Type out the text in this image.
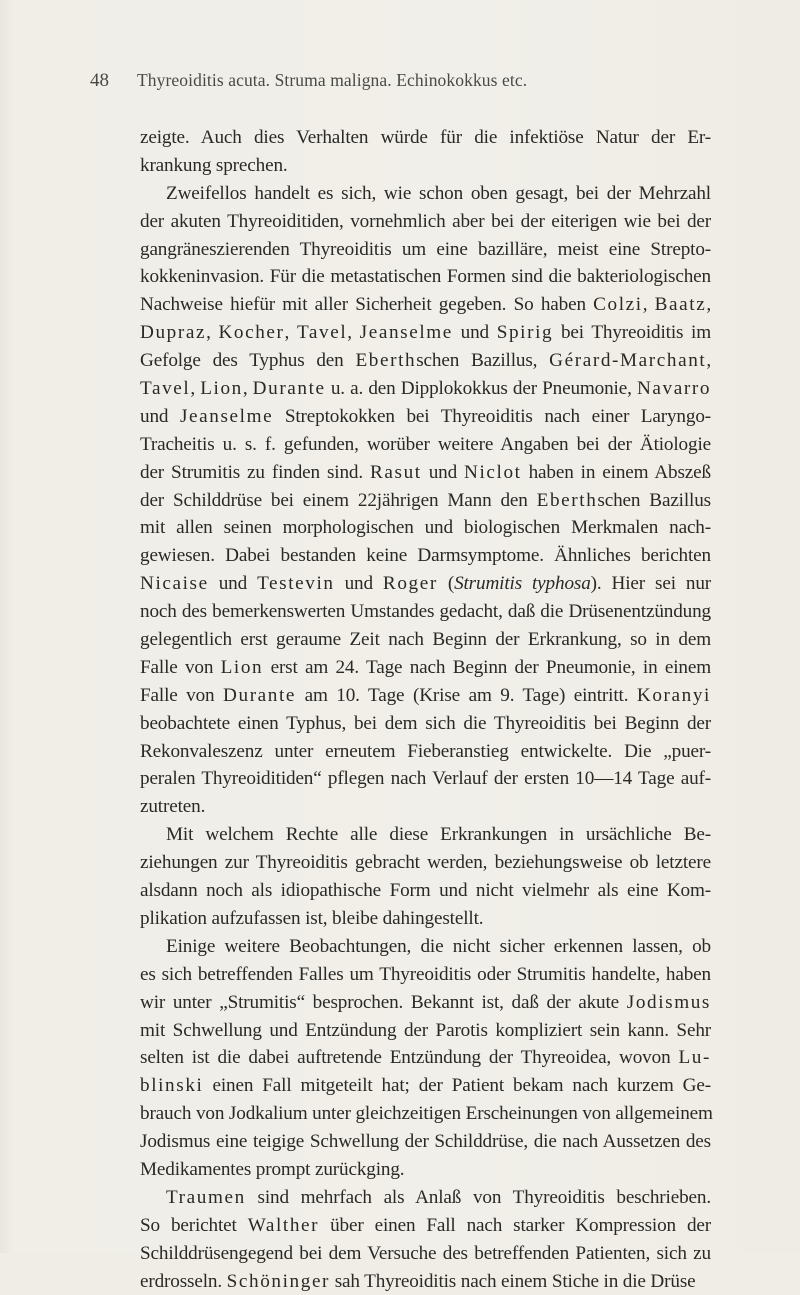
48 Thyreoiditis acuta. Struma maligna. Echinokokkus etc.
zeigte. Auch dies Verhalten würde für die infektiöse Natur der Er-
krankung sprechen.
Zweifellos handelt es sich, wie schon oben gesagt, bei der Mehrzahl
der akuten Thyreoiditiden, vornehmlich aber bei der eiterigen wie bei der
gangräneszierenden Thyreoiditis um eine bazilläre, meist eine Strepto-
kokkeninvasion. Für die metastatischen Formen sind die bakteriologischen
Nachweise hiefür mit aller Sicherheit gegeben. So haben Colzi, Baatz,
Dupraz, Kocher, Tavel, Jeanselme und Spirig bei Thyreoiditis im
Gefolge des Typhus den Eberthschen Bazillus, Gérard-Marchant,
Tavel, Lion, Durante u. a. den Dipplokokkus der Pneumonie, Navarro
und Jeanselme Streptokokken bei Thyreoiditis nach einer Laryngo-
Tracheitis u. s. f. gefunden, worüber weitere Angaben bei der Ätiologie
der Strumitis zu finden sind. Rasut und Niclot haben in einem Abszeß
der Schilddrüse bei einem 22jährigen Mann den Eberthschen Bazillus
mit allen seinen morphologischen und biologischen Merkmalen nach-
gewiesen. Dabei bestanden keine Darmsymptome. Ähnliches berichten
Nicaise und Testevin und Roger (Strumitis typhosa). Hier sei nur
noch des bemerkenswerten Umstandes gedacht, daß die Drüsenentzündung
gelegentlich erst geraume Zeit nach Beginn der Erkrankung, so in dem
Falle von Lion erst am 24. Tage nach Beginn der Pneumonie, in einem
Falle von Durante am 10. Tage (Krise am 9. Tage) eintritt. Koranyi
beobachtete einen Typhus, bei dem sich die Thyreoiditis bei Beginn der
Rekonvaleszenz unter erneutem Fieberanstieg entwickelte. Die „puer-
peralen Thyreoiditiden“ pflegen nach Verlauf der ersten 10—14 Tage auf-
zutreten.
Mit welchem Rechte alle diese Erkrankungen in ursächliche Be-
ziehungen zur Thyreoiditis gebracht werden, beziehungsweise ob letztere
alsdann noch als idiopathische Form und nicht vielmehr als eine Kom-
plikation aufzufassen ist, bleibe dahingestellt.
Einige weitere Beobachtungen, die nicht sicher erkennen lassen, ob
es sich betreffenden Falles um Thyreoiditis oder Strumitis handelte, haben
wir unter „Strumitis“ besprochen. Bekannt ist, daß der akute Jodismus
mit Schwellung und Entzündung der Parotis kompliziert sein kann. Sehr
selten ist die dabei auftretende Entzündung der Thyreoidea, wovon Lu-
blinski einen Fall mitgeteilt hat; der Patient bekam nach kurzem Ge-
brauch von Jodkalium unter gleichzeitigen Erscheinungen von allgemeinem
Jodismus eine teigige Schwellung der Schilddrüse, die nach Aussetzen des
Medikamentes prompt zurückging.
Traumen sind mehrfach als Anlaß von Thyreoiditis beschrieben.
So berichtet Walther über einen Fall nach starker Kompression der
Schilddrüsengegend bei dem Versuche des betreffenden Patienten, sich zu
erdrosseln. Schöninger sah Thyreoiditis nach einem Stiche in die Drüse
